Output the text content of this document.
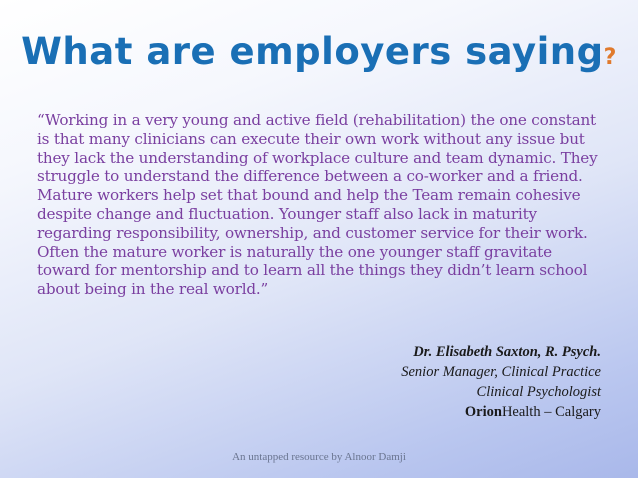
What are employers saying?

“Working in a very young and active field (rehabilitation) the one constant is that many clinicians can execute their own work without any issue but they lack the understanding of workplace culture and team dynamic. They struggle to understand the difference between a co-worker and a friend. Mature workers help set that bound and help the Team remain cohesive despite change and fluctuation. Younger staff also lack in maturity regarding responsibility, ownership, and customer service for their work. Often the mature worker is naturally the one younger staff gravitate toward for mentorship and to learn all the things they didn’t learn school about being in the real world.”

Dr. Elisabeth Saxton, R. Psych.
Senior Manager, Clinical Practice
Clinical Psychologist
OrionHealth – Calgary
An untapped resource by Alnoor Damji
